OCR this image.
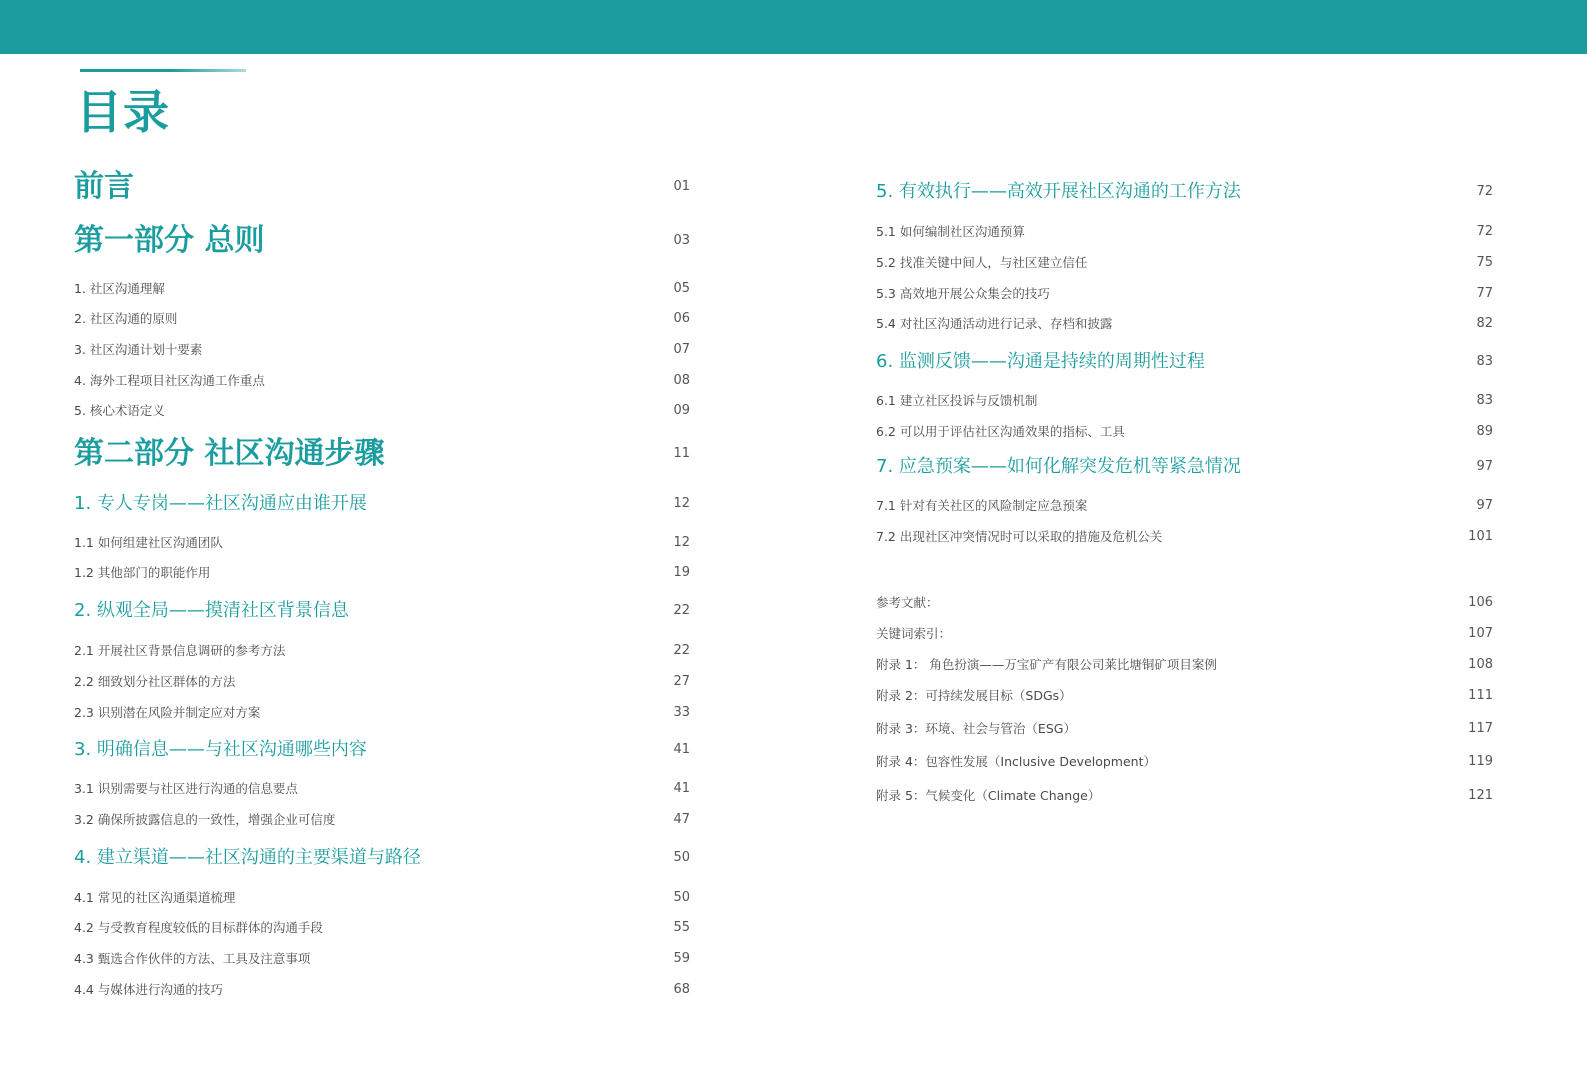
目录
前言	01
第一部分 总则	03
1. 社区沟通理解	05
2. 社区沟通的原则	06
3. 社区沟通计划十要素	07
4. 海外工程项目社区沟通工作重点	08
5. 核心术语定义	09
第二部分 社区沟通步骤	11
1. 专人专岗——社区沟通应由谁开展	12
1.1 如何组建社区沟通团队	12
1.2 其他部门的职能作用	19
2. 纵观全局——摸清社区背景信息	22
2.1 开展社区背景信息调研的参考方法	22
2.2 细致划分社区群体的方法	27
2.3 识别潜在风险并制定应对方案	33
3. 明确信息——与社区沟通哪些内容	41
3.1 识别需要与社区进行沟通的信息要点	41
3.2 确保所披露信息的一致性，增强企业可信度	47
4. 建立渠道——社区沟通的主要渠道与路径	50
4.1 常见的社区沟通渠道梳理	50
4.2 与受教育程度较低的目标群体的沟通手段	55
4.3 甄选合作伙伴的方法、工具及注意事项	59
4.4 与媒体进行沟通的技巧	68
5. 有效执行——高效开展社区沟通的工作方法	72
5.1 如何编制社区沟通预算	72
5.2 找准关键中间人，与社区建立信任	75
5.3 高效地开展公众集会的技巧	77
5.4 对社区沟通活动进行记录、存档和披露	82
6. 监测反馈——沟通是持续的周期性过程	83
6.1 建立社区投诉与反馈机制	83
6.2 可以用于评估社区沟通效果的指标、工具	89
7. 应急预案——如何化解突发危机等紧急情况	97
7.1 针对有关社区的风险制定应急预案	97
7.2 出现社区冲突情况时可以采取的措施及危机公关	101
参考文献：	106
关键词索引：	107
附录 1： 角色扮演——万宝矿产有限公司莱比塘铜矿项目案例	108
附录 2：可持续发展目标（SDGs）	111
附录 3：环境、社会与管治（ESG）	117
附录 4：包容性发展（Inclusive Development）	119
附录 5：气候变化（Climate Change）	121
